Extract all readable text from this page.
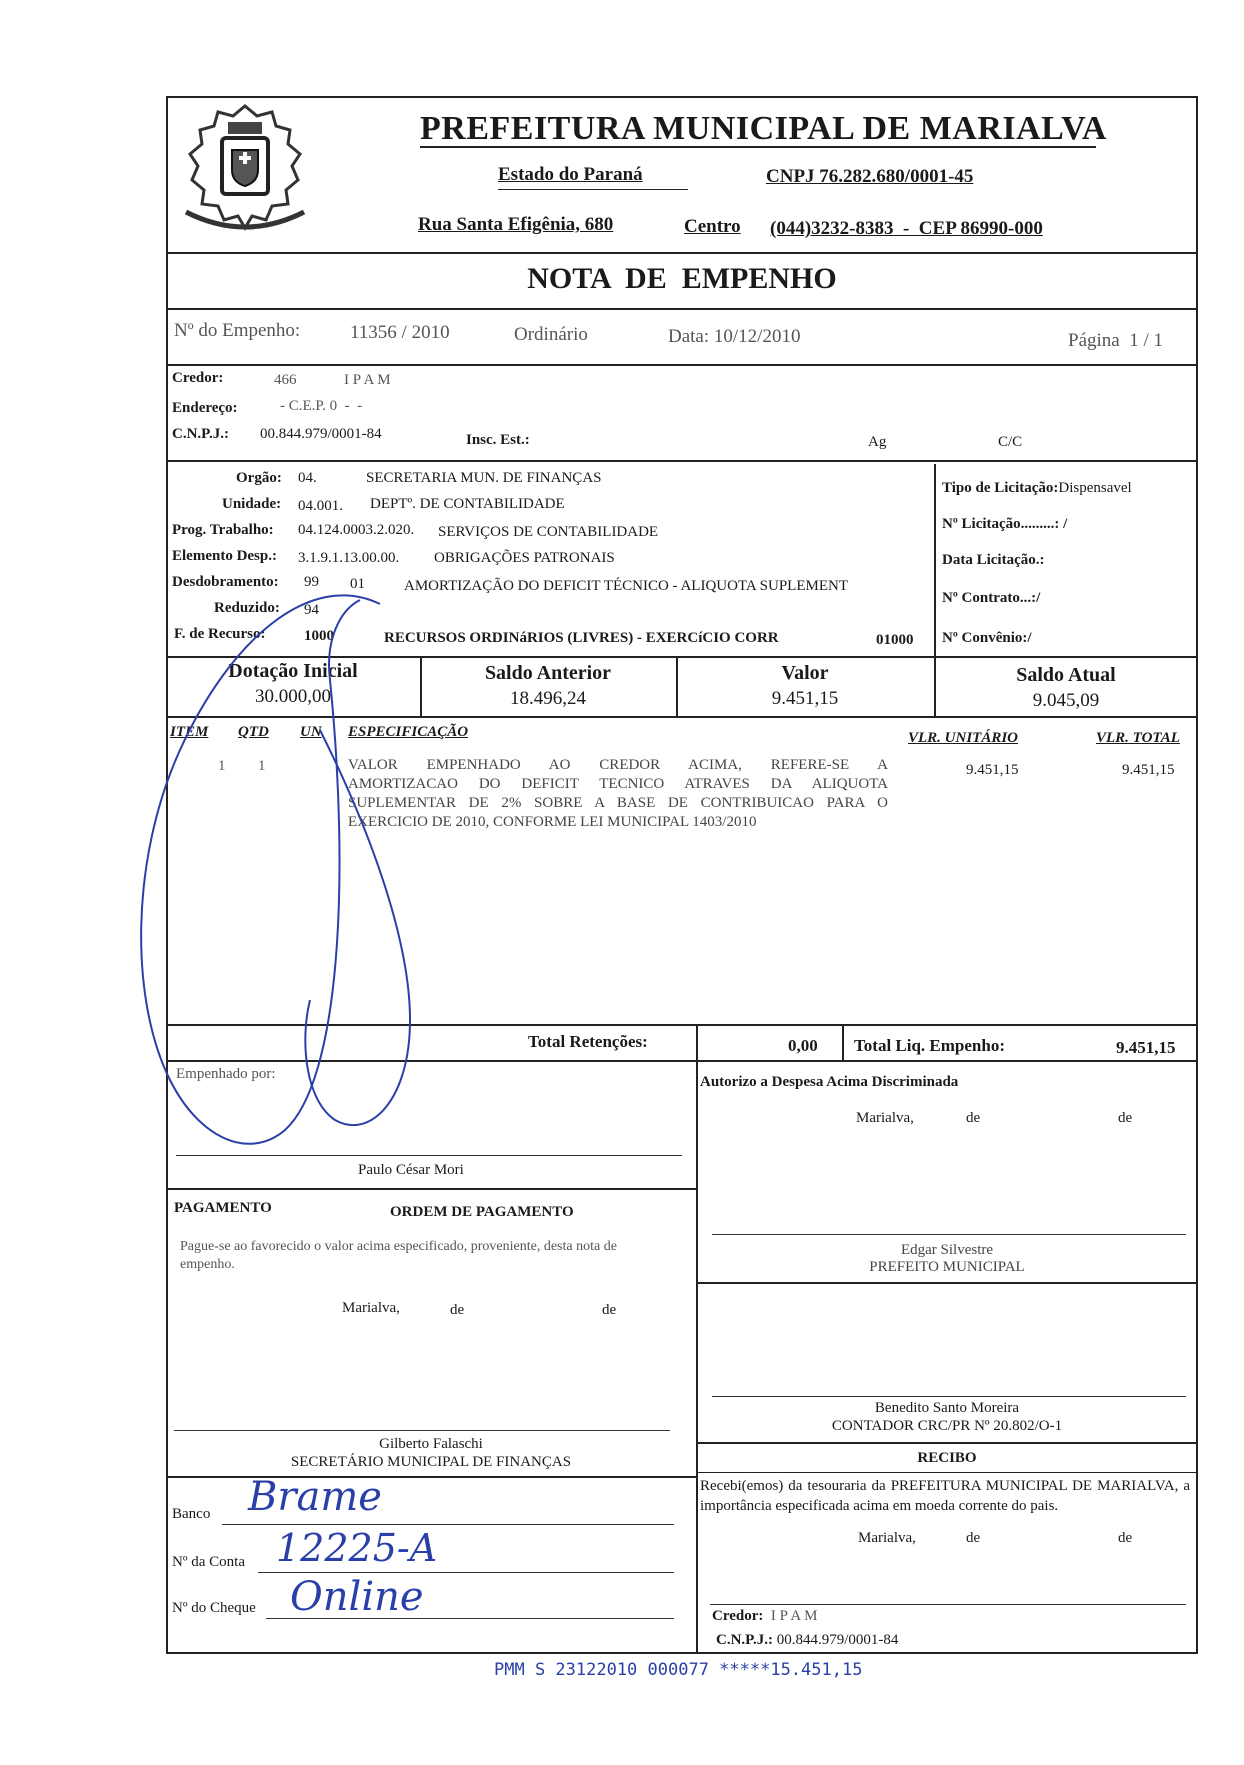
PREFEITURA MUNICIPAL DE MARIALVA
Estado do Paraná	CNPJ 76.282.680/0001-45
Rua Santa Efigênia, 680	Centro (044)3232-8383  -  CEP 86990-000
NOTA  DE  EMPENHO
Nº do Empenho:	11356 / 2010	Ordinário	Data: 10/12/2010	Página  1 / 1
Credor:	466	I P A M
Endereço:	- C.E.P. 0  -  -
C.N.P.J.: 00.844.979/0001-84	Insc. Est.:	Ag	C/C
Orgão: 04.	SECRETARIA MUN. DE FINANÇAS
Unidade: 04.001. DEPTº. DE CONTABILIDADE
Prog. Trabalho: 04.124.0003.2.020. SERVIÇOS DE CONTABILIDADE
Elemento Desp.: 3.1.9.1.13.00.00. OBRIGAÇÕES PATRONAIS
Desdobramento: 99 01	AMORTIZAÇÃO DO DEFICIT TÉCNICO - ALIQUOTA SUPLEMENT
Reduzido: 94
F. de Recurso:	1000	RECURSOS ORDINáRIOS (LIVRES) - EXERCíCIO CORR	01000
Tipo de Licitação:Dispensavel
Nº Licitação.........: /
Data Licitação.:
Nº Contrato...:/
Nº Convênio:/
Dotação Inicial
30.000,00
Saldo Anterior
18.496,24
Valor
9.451,15
Saldo Atual
9.045,09
ITEM QTD UN ESPECIFICAÇÃO	VLR. UNITÁRIO	VLR. TOTAL
1 1	VALOR EMPENHADO AO CREDOR ACIMA, REFERE-SE A
AMORTIZACAO DO DEFICIT TECNICO ATRAVES DA ALIQUOTA
SUPLEMENTAR DE 2% SOBRE A BASE DE CONTRIBUICAO PARA O
EXERCICIO DE 2010, CONFORME LEI MUNICIPAL 1403/2010
9.451,15	9.451,15
Total Retenções:	0,00 Total Liq. Empenho:	9.451,15
Empenhado por:
Paulo César Mori
Autorizo a Despesa Acima Discriminada
Marialva,	de	de
Edgar Silvestre
PREFEITO MUNICIPAL
PAGAMENTO	ORDEM DE PAGAMENTO
Pague-se ao favorecido o valor acima especificado, proveniente, desta nota de empenho.
Marialva,	de	de
Gilberto Falaschi
SECRETÁRIO MUNICIPAL DE FINANÇAS
Benedito Santo Moreira
CONTADOR CRC/PR Nº 20.802/O-1
Banco Brame
Nº da Conta 12225-A
Nº do Cheque Online
RECIBO
Recebi(emos) da tesouraria da PREFEITURA MUNICIPAL DE MARIALVA, a importância especificada acima em moeda corrente do pais.
Marialva,	de	de
Credor: I P A M
C.N.P.J.: 00.844.979/0001-84
PMM S 23122010 000077 *****15.451,15
